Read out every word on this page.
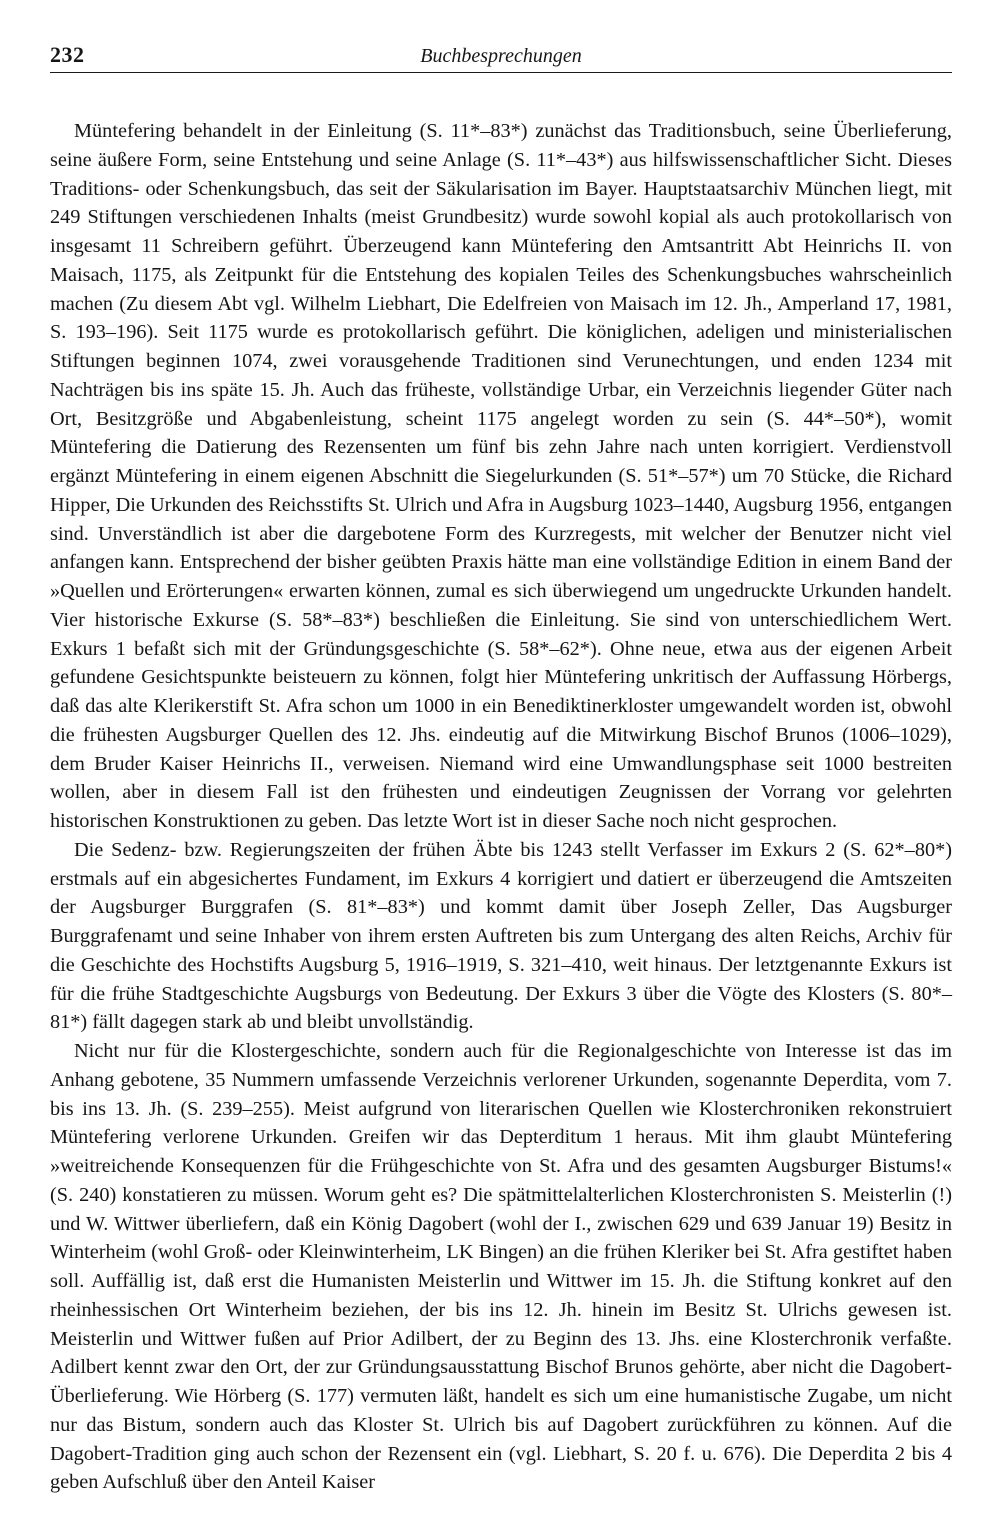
232	Buchbesprechungen

Müntefering behandelt in der Einleitung (S. 11*–83*) zunächst das Traditionsbuch, seine Überlieferung, seine äußere Form, seine Entstehung und seine Anlage (S. 11*–43*) aus hilfswissenschaftlicher Sicht. Dieses Traditions- oder Schenkungsbuch, das seit der Säkularisation im Bayer. Hauptstaatsarchiv München liegt, mit 249 Stiftungen verschiedenen Inhalts (meist Grundbesitz) wurde sowohl kopial als auch protokollarisch von insgesamt 11 Schreibern geführt. Überzeugend kann Müntefering den Amtsantritt Abt Heinrichs II. von Maisach, 1175, als Zeitpunkt für die Entstehung des kopialen Teiles des Schenkungsbuches wahrscheinlich machen (Zu diesem Abt vgl. Wilhelm Liebhart, Die Edelfreien von Maisach im 12. Jh., Amperland 17, 1981, S. 193–196). Seit 1175 wurde es protokollarisch geführt. Die königlichen, adeligen und ministerialischen Stiftungen beginnen 1074, zwei vorausgehende Traditionen sind Verunechtungen, und enden 1234 mit Nachträgen bis ins späte 15. Jh. Auch das früheste, vollständige Urbar, ein Verzeichnis liegender Güter nach Ort, Besitzgröße und Abgabenleistung, scheint 1175 angelegt worden zu sein (S. 44*–50*), womit Müntefering die Datierung des Rezensenten um fünf bis zehn Jahre nach unten korrigiert. Verdienstvoll ergänzt Müntefering in einem eigenen Abschnitt die Siegelurkunden (S. 51*–57*) um 70 Stücke, die Richard Hipper, Die Urkunden des Reichsstifts St. Ulrich und Afra in Augsburg 1023–1440, Augsburg 1956, entgangen sind. Unverständlich ist aber die dargebotene Form des Kurzregests, mit welcher der Benutzer nicht viel anfangen kann. Entsprechend der bisher geübten Praxis hätte man eine vollständige Edition in einem Band der »Quellen und Erörterungen« erwarten können, zumal es sich überwiegend um ungedruckte Urkunden handelt. Vier historische Exkurse (S. 58*–83*) beschließen die Einleitung. Sie sind von unterschiedlichem Wert. Exkurs 1 befaßt sich mit der Gründungsgeschichte (S. 58*–62*). Ohne neue, etwa aus der eigenen Arbeit gefundene Gesichtspunkte beisteuern zu können, folgt hier Müntefering unkritisch der Auffassung Hörbergs, daß das alte Klerikerstift St. Afra schon um 1000 in ein Benediktinerkloster umgewandelt worden ist, obwohl die frühesten Augsburger Quellen des 12. Jhs. eindeutig auf die Mitwirkung Bischof Brunos (1006–1029), dem Bruder Kaiser Heinrichs II., verweisen. Niemand wird eine Umwandlungsphase seit 1000 bestreiten wollen, aber in diesem Fall ist den frühesten und eindeutigen Zeugnissen der Vorrang vor gelehrten historischen Konstruktionen zu geben. Das letzte Wort ist in dieser Sache noch nicht gesprochen.

Die Sedenz- bzw. Regierungszeiten der frühen Äbte bis 1243 stellt Verfasser im Exkurs 2 (S. 62*–80*) erstmals auf ein abgesichertes Fundament, im Exkurs 4 korrigiert und datiert er überzeugend die Amtszeiten der Augsburger Burggrafen (S. 81*–83*) und kommt damit über Joseph Zeller, Das Augsburger Burggrafenamt und seine Inhaber von ihrem ersten Auftreten bis zum Untergang des alten Reichs, Archiv für die Geschichte des Hochstifts Augsburg 5, 1916–1919, S. 321–410, weit hinaus. Der letztgenannte Exkurs ist für die frühe Stadtgeschichte Augsburgs von Bedeutung. Der Exkurs 3 über die Vögte des Klosters (S. 80*–81*) fällt dagegen stark ab und bleibt unvollständig.

Nicht nur für die Klostergeschichte, sondern auch für die Regionalgeschichte von Interesse ist das im Anhang gebotene, 35 Nummern umfassende Verzeichnis verlorener Urkunden, sogenannte Deperdita, vom 7. bis ins 13. Jh. (S. 239–255). Meist aufgrund von literarischen Quellen wie Klosterchroniken rekonstruiert Müntefering verlorene Urkunden. Greifen wir das Depterditum 1 heraus. Mit ihm glaubt Müntefering »weitreichende Konsequenzen für die Frühgeschichte von St. Afra und des gesamten Augsburger Bistums!« (S. 240) konstatieren zu müssen. Worum geht es? Die spätmittelalterlichen Klosterchronisten S. Meisterlin (!) und W. Wittwer überliefern, daß ein König Dagobert (wohl der I., zwischen 629 und 639 Januar 19) Besitz in Winterheim (wohl Groß- oder Kleinwinterheim, LK Bingen) an die frühen Kleriker bei St. Afra gestiftet haben soll. Auffällig ist, daß erst die Humanisten Meisterlin und Wittwer im 15. Jh. die Stiftung konkret auf den rheinhessischen Ort Winterheim beziehen, der bis ins 12. Jh. hinein im Besitz St. Ulrichs gewesen ist. Meisterlin und Wittwer fußen auf Prior Adilbert, der zu Beginn des 13. Jhs. eine Klosterchronik verfaßte. Adilbert kennt zwar den Ort, der zur Gründungsausstattung Bischof Brunos gehörte, aber nicht die Dagobert-Überlieferung. Wie Hörberg (S. 177) vermuten läßt, handelt es sich um eine humanistische Zugabe, um nicht nur das Bistum, sondern auch das Kloster St. Ulrich bis auf Dagobert zurückführen zu können. Auf die Dagobert-Tradition ging auch schon der Rezensent ein (vgl. Liebhart, S. 20 f. u. 676). Die Deperdita 2 bis 4 geben Aufschluß über den Anteil Kaiser
